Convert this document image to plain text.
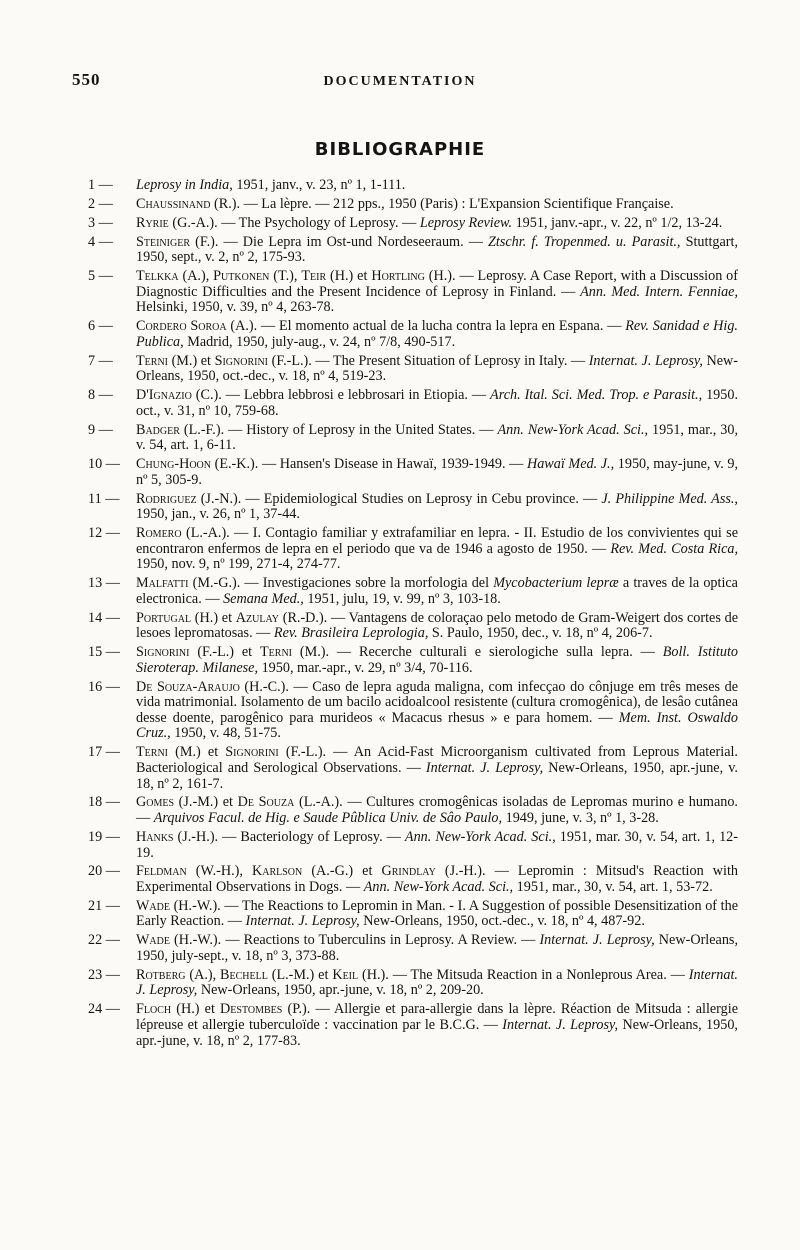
550	DOCUMENTATION
BIBLIOGRAPHIE
1 —	Leprosy in India, 1951, janv., v. 23, nº 1, 1-111.
2 —	Chaussinand (R.). — La lèpre. — 212 pps., 1950 (Paris) : L'Expansion Scientifique Française.
3 —	Ryrie (G.-A.). — The Psychology of Leprosy. — Leprosy Review. 1951, janv.-apr., v. 22, nº 1/2, 13-24.
4 —	Steiniger (F.). — Die Lepra im Ost-und Nordeseeraum. — Ztschr. f. Tropenmed. u. Parasit., Stuttgart, 1950, sept., v. 2, nº 2, 175-93.
5 —	Telkka (A.), Putkonen (T.), Teir (H.) et Hortling (H.). — Leprosy. A Case Report, with a Discussion of Diagnostic Difficulties and the Present Incidence of Leprosy in Finland. — Ann. Med. Intern. Fenniae, Helsinki, 1950, v. 39, nº 4, 263-78.
6 —	Cordero Soroa (A.). — El momento actual de la lucha contra la lepra en Espana. — Rev. Sanidad e Hig. Publica, Madrid, 1950, july-aug., v. 24, nº 7/8, 490-517.
7 —	Terni (M.) et Signorini (F.-L.). — The Present Situation of Leprosy in Italy. — Internat. J. Leprosy, New-Orleans, 1950, oct.-dec., v. 18, nº 4, 519-23.
8 —	D'Ignazio (C.). — Lebbra lebbrosi e lebbrosari in Etiopia. — Arch. Ital. Sci. Med. Trop. e Parasit., 1950. oct., v. 31, nº 10, 759-68.
9 —	Badger (L.-F.). — History of Leprosy in the United States. — Ann. New-York Acad. Sci., 1951, mar., 30, v. 54, art. 1, 6-11.
10 —	Chung-Hoon (E.-K.). — Hansen's Disease in Hawaï, 1939-1949. — Hawaï Med. J., 1950, may-june, v. 9, nº 5, 305-9.
11 —	Rodriguez (J.-N.). — Epidemiological Studies on Leprosy in Cebu province. — J. Philippine Med. Ass., 1950, jan., v. 26, nº 1, 37-44.
12 —	Romero (L.-A.). — I. Contagio familiar y extrafamiliar en lepra. - II. Estudio de los convivientes qui se encontraron enfermos de lepra en el periodo que va de 1946 a agosto de 1950. — Rev. Med. Costa Rica, 1950, nov. 9, nº 199, 271-4, 274-77.
13 —	Malfatti (M.-G.). — Investigaciones sobre la morfologia del Mycobacterium lepræ a traves de la optica electronica. — Semana Med., 1951, julu, 19, v. 99, nº 3, 103-18.
14 —	Portugal (H.) et Azulay (R.-D.). — Vantagens de coloraçao pelo metodo de Gram-Weigert dos cortes de lesoes lepromatosas. — Rev. Brasileira Leprologia, S. Paulo, 1950, dec., v. 18, nº 4, 206-7.
15 —	Signorini (F.-L.) et Terni (M.). — Recerche culturali e sierologiche sulla lepra. — Boll. Istituto Sieroterap. Milanese, 1950, mar.-apr., v. 29, nº 3/4, 70-116.
16 —	De Souza-Araujo (H.-C.). — Caso de lepra aguda maligna, com infecçao do cônjuge em três meses de vida matrimonial. Isolamento de um bacilo acidoalcool resistente (cultura cromogênica), de lesâo cutânea desse doente, parogênico para murideos « Macacus rhesus » e para homem. — Mem. Inst. Oswaldo Cruz., 1950, v. 48, 51-75.
17 —	Terni (M.) et Signorini (F.-L.). — An Acid-Fast Microorganism cultivated from Leprous Material. Bacteriological and Serological Observations. — Internat. J. Leprosy, New-Orleans, 1950, apr.-june, v. 18, nº 2, 161-7.
18 —	Gomes (J.-M.) et De Souza (L.-A.). — Cultures cromogênicas isoladas de Lepromas murino e humano. — Arquivos Facul. de Hig. e Saude Pûblica Univ. de Sâo Paulo, 1949, june, v. 3, nº 1, 3-28.
19 —	Hanks (J.-H.). — Bacteriology of Leprosy. — Ann. New-York Acad. Sci., 1951, mar. 30, v. 54, art. 1, 12-19.
20 —	Feldman (W.-H.), Karlson (A.-G.) et Grindlay (J.-H.). — Lepromin : Mitsud's Reaction with Experimental Observations in Dogs. — Ann. New-York Acad. Sci., 1951, mar., 30, v. 54, art. 1, 53-72.
21 —	Wade (H.-W.). — The Reactions to Lepromin in Man. - I. A Suggestion of possible Desensitization of the Early Reaction. — Internat. J. Leprosy, New-Orleans, 1950, oct.-dec., v. 18, nº 4, 487-92.
22 —	Wade (H.-W.). — Reactions to Tuberculins in Leprosy. A Review. — Internat. J. Leprosy, New-Orleans, 1950, july-sept., v. 18, nº 3, 373-88.
23 —	Rotberg (A.), Bechell (L.-M.) et Keil (H.). — The Mitsuda Reaction in a Nonleprous Area. — Internat. J. Leprosy, New-Orleans, 1950, apr.-june, v. 18, nº 2, 209-20.
24 —	Floch (H.) et Destombes (P.). — Allergie et para-allergie dans la lèpre. Réaction de Mitsuda : allergie lépreuse et allergie tuberculoïde : vaccination par le B.C.G. — Internat. J. Leprosy, New-Orleans, 1950, apr.-june, v. 18, nº 2, 177-83.
